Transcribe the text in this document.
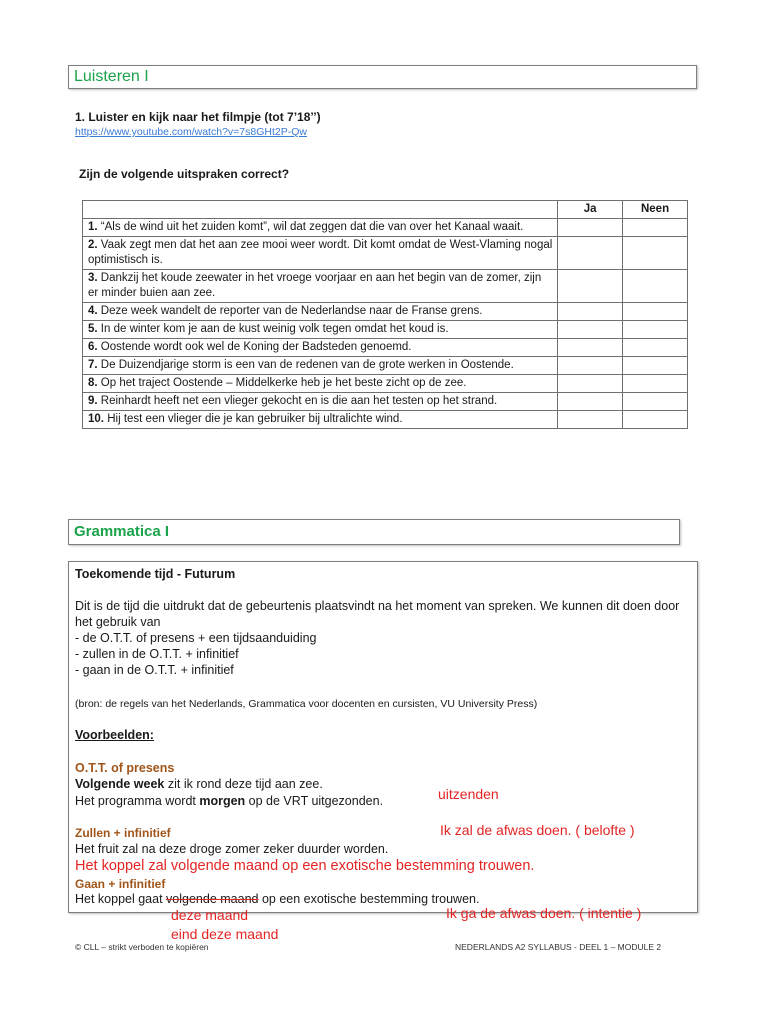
Luisteren I
1. Luister en kijk naar het filmpje (tot 7’18’’)
https://www.youtube.com/watch?v=7s8GHt2P-Qw
Zijn de volgende uitspraken correct?
	Ja	Neen
1. “Als de wind uit het zuiden komt”, wil dat zeggen dat die van over het Kanaal waait.		
2. Vaak zegt men dat het aan zee mooi weer wordt. Dit komt omdat de West-Vlaming nogal optimistisch is.		
3. Dankzij het koude zeewater in het vroege voorjaar en aan het begin van de zomer, zijn er minder buien aan zee.		
4. Deze week wandelt de reporter van de Nederlandse naar de Franse grens.		
5. In de winter kom je aan de kust weinig volk tegen omdat het koud is.		
6. Oostende wordt ook wel de Koning der Badsteden genoemd.		
7. De Duizendjarige storm is een van de redenen van de grote werken in Oostende.		
8. Op het traject Oostende – Middelkerke heb je het beste zicht op de zee.		
9. Reinhardt heeft net een vlieger gekocht en is die aan het testen op het strand.		
10. Hij test een vlieger die je kan gebruiker bij ultralichte wind.		
Grammatica I
Toekomende tijd - Futurum
Dit is de tijd die uitdrukt dat de gebeurtenis plaatsvindt na het moment van spreken. We kunnen dit doen door het gebruik van
- de O.T.T. of presens + een tijdsaanduiding
- zullen in de O.T.T. + infinitief
- gaan in de O.T.T. + infinitief
(bron: de regels van het Nederlands, Grammatica voor docenten en cursisten, VU University Press)
Voorbeelden:
O.T.T. of presens
Volgende week zit ik rond deze tijd aan zee.
Het programma wordt morgen op de VRT uitgezonden.
Zullen + infinitief
Het fruit zal na deze droge zomer zeker duurder worden.
Gaan + infinitief
Het koppel gaat volgende maand op een exotische bestemming trouwen.
uitzenden
Ik zal de afwas doen. ( belofte )
Het koppel zal volgende maand op een exotische bestemming trouwen.
deze maand
eind deze maand
Ik ga de afwas doen. ( intentie )
© CLL – strikt verboden te kopiëren	NEDERLANDS A2 SYLLABUS - DEEL 1 – MODULE 2
